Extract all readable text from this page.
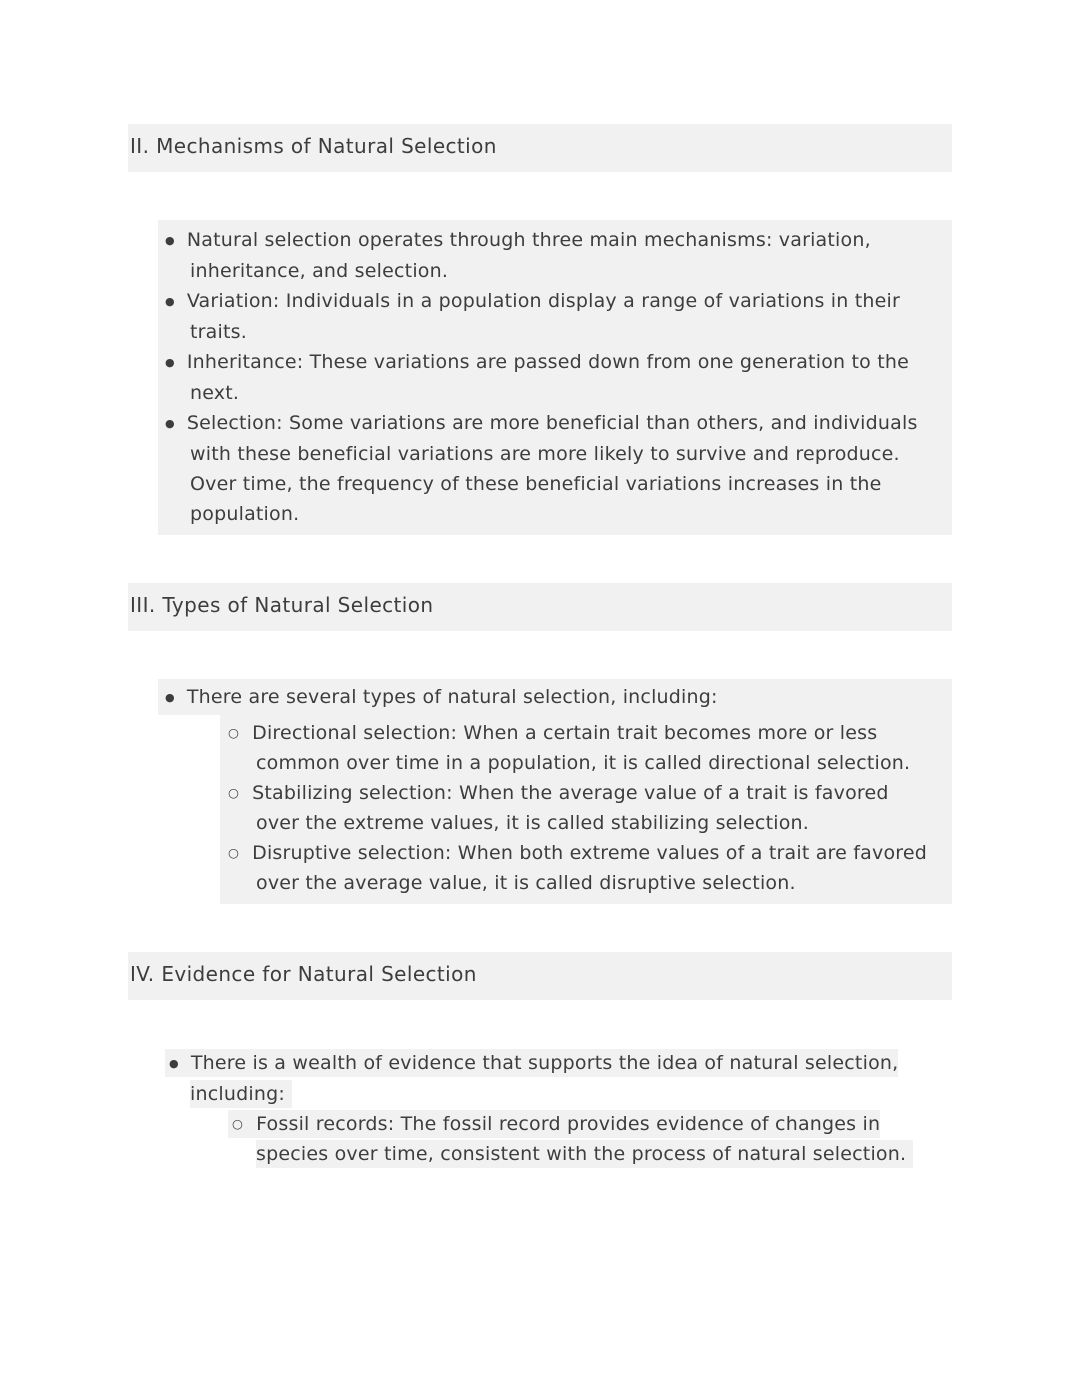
II. Mechanisms of Natural Selection
● Natural selection operates through three main mechanisms: variation, inheritance, and selection.
● Variation: Individuals in a population display a range of variations in their traits.
● Inheritance: These variations are passed down from one generation to the next.
● Selection: Some variations are more beneficial than others, and individuals with these beneficial variations are more likely to survive and reproduce. Over time, the frequency of these beneficial variations increases in the population.
III. Types of Natural Selection
● There are several types of natural selection, including:
○ Directional selection: When a certain trait becomes more or less common over time in a population, it is called directional selection.
○ Stabilizing selection: When the average value of a trait is favored over the extreme values, it is called stabilizing selection.
○ Disruptive selection: When both extreme values of a trait are favored over the average value, it is called disruptive selection.
IV. Evidence for Natural Selection
● There is a wealth of evidence that supports the idea of natural selection, including:
○ Fossil records: The fossil record provides evidence of changes in species over time, consistent with the process of natural selection.
